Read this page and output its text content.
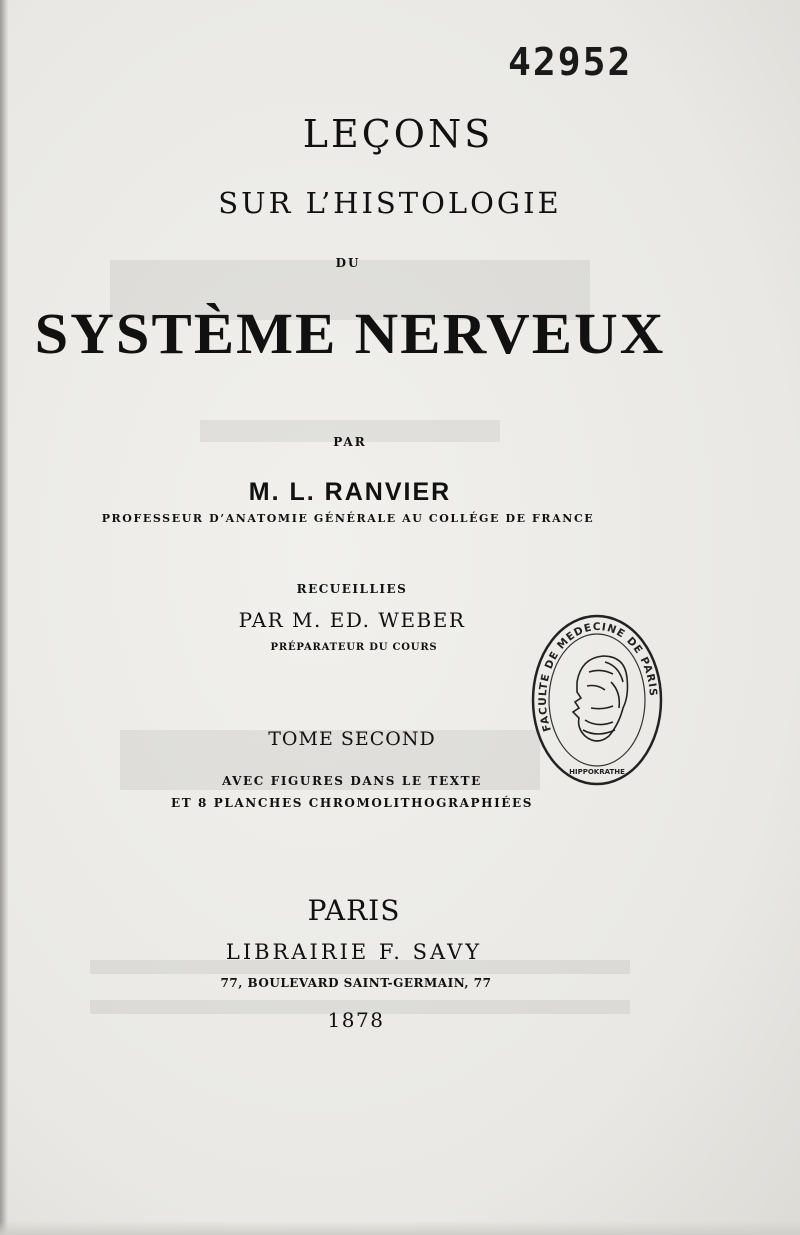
42952
LEÇONS
SUR L’HISTOLOGIE
DU
SYSTÈME NERVEUX
PAR
M. L. RANVIER
PROFESSEUR D’ANATOMIE GÉNÉRALE AU COLLÉGE DE FRANCE
RECUEILLIES
PAR M. ED. WEBER
PRÉPARATEUR DU COURS
TOME SECOND
AVEC FIGURES DANS LE TEXTE
ET 8 PLANCHES CHROMOLITHOGRAPHIÉES
PARIS
LIBRAIRIE F. SAVY
77, BOULEVARD SAINT-GERMAIN, 77
1878
FACULTE DE MEDECINE DE PARIS
HIPPOKRATHE
